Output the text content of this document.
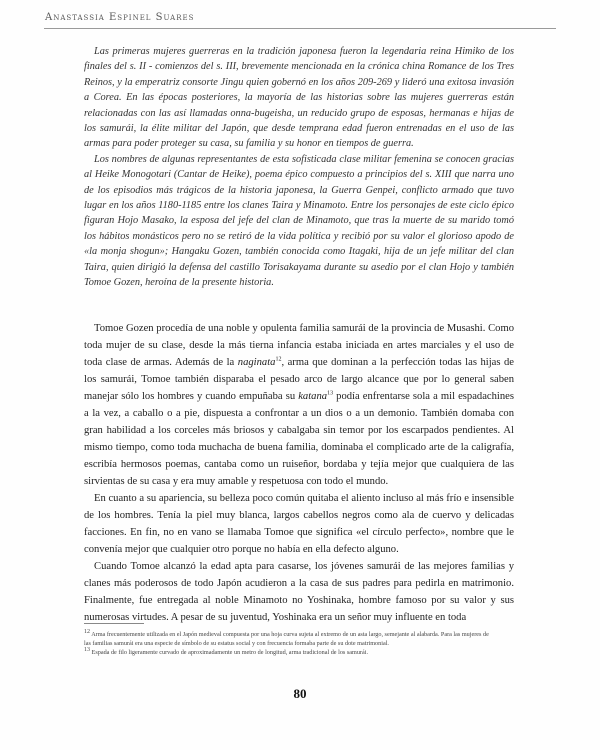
Anastassia Espinel Suares

Las primeras mujeres guerreras en la tradición japonesa fueron la legendaria reina Himiko de los finales del s. II - comienzos del s. III, brevemente mencionada en la crónica china Romance de los Tres Reinos, y la emperatriz consorte Jingu quien gobernó en los años 209-269 y lideró una exitosa invasión a Corea. En las épocas posteriores, la mayoría de las historias sobre las mujeres guerreras están relacionadas con las así llamadas onna-bugeisha, un reducido grupo de esposas, hermanas e hijas de los samurái, la élite militar del Japón, que desde temprana edad fueron entrenadas en el uso de las armas para poder proteger su casa, su familia y su honor en tiempos de guerra.

Los nombres de algunas representantes de esta sofisticada clase militar femenina se conocen gracias al Heike Monogotari (Cantar de Heike), poema épico compuesto a principios del s. XIII que narra uno de los episodios más trágicos de la historia japonesa, la Guerra Genpei, conflicto armado que tuvo lugar en los años 1180-1185 entre los clanes Taira y Minamoto. Entre los personajes de este ciclo épico figuran Hojo Masako, la esposa del jefe del clan de Minamoto, que tras la muerte de su marido tomó los hábitos monásticos pero no se retiró de la vida política y recibió por su valor el glorioso apodo de «la monja shogun»; Hangaku Gozen, también conocida como Itagaki, hija de un jefe militar del clan Taira, quien dirigió la defensa del castillo Torisakayama durante su asedio por el clan Hojo y también Tomoe Gozen, heroína de la presente historia.

Tomoe Gozen procedía de una noble y opulenta familia samurái de la provincia de Musashi. Como toda mujer de su clase, desde la más tierna infancia estaba iniciada en artes marciales y el uso de toda clase de armas. Además de la naginata$^{12}$, arma que dominan a la perfección todas las hijas de los samurái, Tomoe también disparaba el pesado arco de largo alcance que por lo general saben manejar sólo los hombres y cuando empuñaba su katana$^{13}$ podía enfrentarse sola a mil espadachines a la vez, a caballo o a pie, dispuesta a confrontar a un dios o a un demonio. También domaba con gran habilidad a los corceles más briosos y cabalgaba sin temor por los escarpados pendientes. Al mismo tiempo, como toda muchacha de buena familia, dominaba el complicado arte de la caligrafía, escribía hermosos poemas, cantaba como un ruiseñor, bordaba y tejía mejor que cualquiera de las sirvientas de su casa y era muy amable y respetuosa con todo el mundo.

En cuanto a su apariencia, su belleza poco común quitaba el aliento incluso al más frío e insensible de los hombres. Tenía la piel muy blanca, largos cabellos negros como ala de cuervo y delicadas facciones. En fin, no en vano se llamaba Tomoe que significa «el círculo perfecto», nombre que le convenía mejor que cualquier otro porque no había en ella defecto alguno.

Cuando Tomoe alcanzó la edad apta para casarse, los jóvenes samurái de las mejores familias y clanes más poderosos de todo Japón acudieron a la casa de sus padres para pedirla en matrimonio. Finalmente, fue entregada al noble Minamoto no Yoshinaka, hombre famoso por su valor y sus numerosas virtudes. A pesar de su juventud, Yoshinaka era un señor muy influente en toda

$^{12}$ Arma frecuentemente utilizada en el Japón medieval compuesta por una hoja curva sujeta al extremo de un asta largo, semejante al alabarda. Para las mujeres de las familias samurái era una especie de símbolo de su estatus social y con frecuencia formaba parte de su dote matrimonial.

$^{13}$ Espada de filo ligeramente curvado de aproximadamente un metro de longitud, arma tradicional de los samurái.

80
